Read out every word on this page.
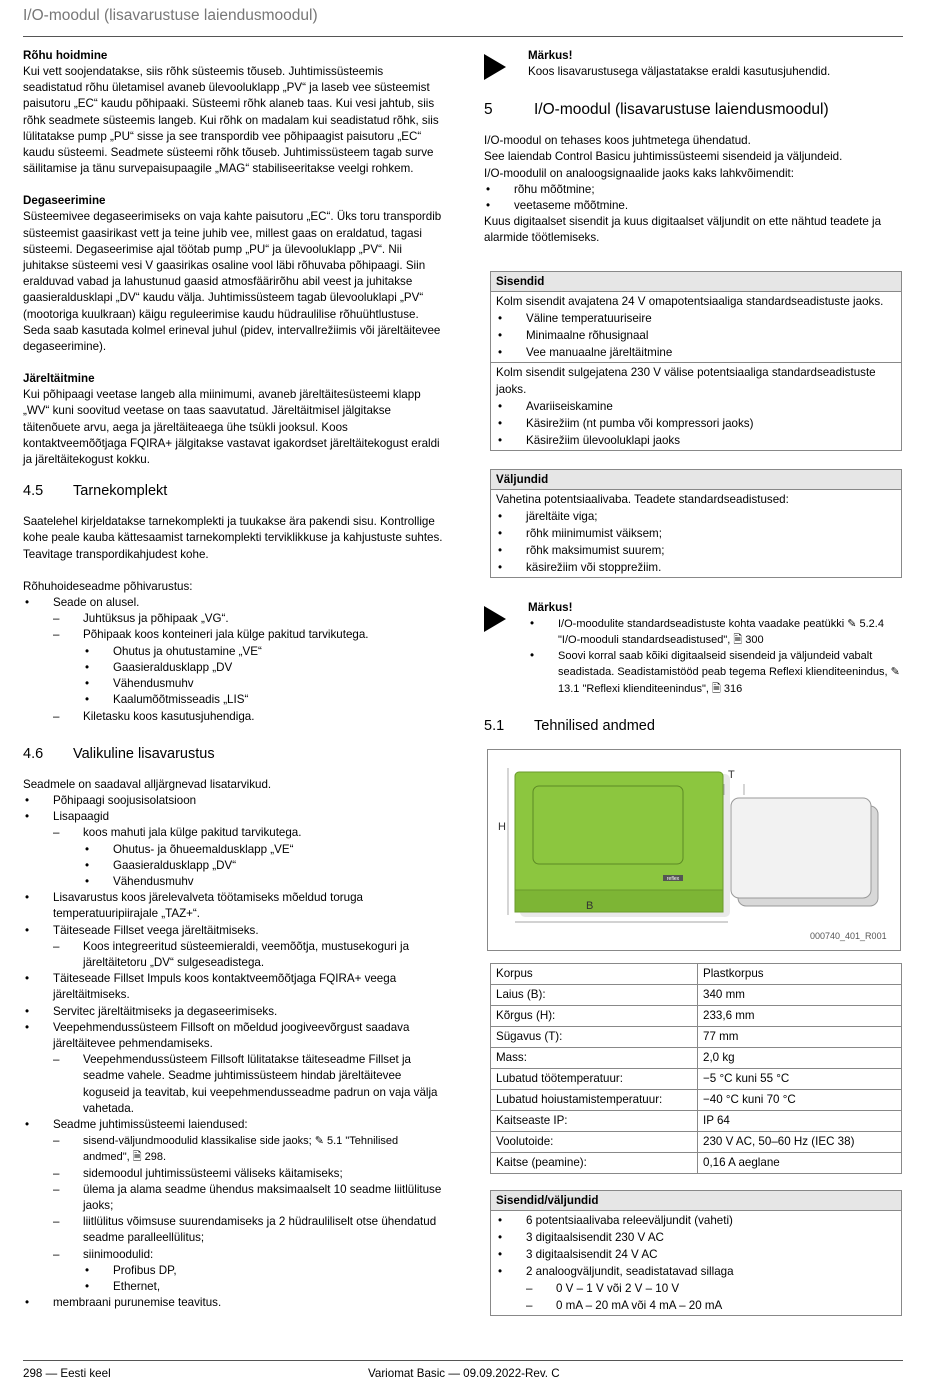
I/O-moodul (lisavarustuse laiendusmoodul)
Rõhu hoidmine

Kui vett soojendatakse, siis rõhk süsteemis tõuseb. Juhtimissüsteemis seadistatud rõhu ületamisel avaneb ülevooluklapp „PV“ ja laseb vee süsteemist paisutoru „EC“ kaudu põhipaaki. Süsteemi rõhk alaneb taas. Kui vesi jahtub, siis rõhk seadmete süsteemis langeb. Kui rõhk on madalam kui seadistatud rõhk, siis lülitatakse pump „PU“ sisse ja see transpordib vee põhipaagist paisutoru „EC“ kaudu süsteemi. Seadmete süsteemi rõhk tõuseb. Juhtimissüsteem tagab surve säilitamise ja tänu survepaisupaagile „MAG“ stabiliseeritakse veelgi rohkem.

Degaseerimine

Süsteemivee degaseerimiseks on vaja kahte paisutoru „EC“. Üks toru transpordib süsteemist gaasirikast vett ja teine juhib vee, millest gaas on eraldatud, tagasi süsteemi. Degaseerimise ajal töötab pump „PU“ ja ülevooluklapp „PV“. Nii juhitakse süsteemi vesi V gaasirikas osaline vool läbi rõhuvaba põhipaagi. Siin eralduvad vabad ja lahustunud gaasid atmosfäärirõhu abil veest ja juhitakse gaasieraldusklapi „DV“ kaudu välja. Juhtimissüsteem tagab ülevooluklapi „PV“ (mootoriga kuulkraan) käigu reguleerimise kaudu hüdraulilise rõhuühtlustuse. Seda saab kasutada kolmel erineval juhul (pidev, intervallrežiimis või järeltäitevee degaseerimine).

Järeltäitmine

Kui põhipaagi veetase langeb alla miinimumi, avaneb järeltäitesüsteemi klapp „WV“ kuni soovitud veetase on taas saavutatud. Järeltäitmisel jälgitakse täitenõuete arvu, aega ja järeltäiteaega ühe tsükli jooksul. Koos kontaktveemõõtjaga FQIRA+ jälgitakse vastavat igakordset järeltäitekogust eraldi ja järeltäitekogust kokku.

4.5	Tarnekomplekt

Saatelehel kirjeldatakse tarnekomplekti ja tuukakse ära pakendi sisu. Kontrollige kohe peale kauba kättesaamist tarnekomplekti terviklikkuse ja kahjustuste suhtes. Teavitage transpordikahjudest kohe.

Rõhuhoideseadme põhivarustus:

• Seade on alusel.
– Juhtüksus ja põhipaak „VG“.
– Põhipaak koos konteineri jala külge pakitud tarvikutega.
• Ohutus ja ohutustamine „VE“
• Gaasieraldusklapp „DV
• Vähendusmuhv
• Kaalumõõtmisseadis „LIS“
– Kiletasku koos kasutusjuhendiga.
4.6	Valikuline lisavarustus

Seadmele on saadaval alljärgnevad lisatarvikud.

• Põhipaagi soojusisolatsioon
• Lisapaagid
– koos mahuti jala külge pakitud tarvikutega.
• Ohutus- ja õhueemaldusklapp „VE“
• Gaasieraldusklapp „DV“
• Vähendusmuhv
• Lisavarustus koos järelevalveta töötamiseks mõeldud toruga temperatuuripiirajale „TAZ+“.
• Täiteseade Fillset veega järeltäitmiseks.
– Koos integreeritud süsteemieraldi, veemõõtja, mustusekoguri ja järeltäitetoru „DV“ sulgeseadistega.
• Täiteseade Fillset Impuls koos kontaktveemõõtjaga FQIRA+ veega järeltäitmiseks.
• Servitec järeltäitmiseks ja degaseerimiseks.
• Veepehmendussüsteem Fillsoft on mõeldud joogiveevõrgust saadava järeltäitevee pehmendamiseks.
– Veepehmendussüsteem Fillsoft lülitatakse täiteseadme Fillset ja seadme vahele. Seadme juhtimissüsteem hindab järeltäitevee koguseid ja teavitab, kui veepehmendusseadme padrun on vaja välja vahetada.
• Seadme juhtimissüsteemi laiendused:
– sisend-väljundmoodulid klassikalise side jaoks; ✎ 5.1 "Tehnilised andmed", 🗎 298.
– sidemoodul juhtimissüsteemi väliseks käitamiseks;
– ülema ja alama seadme ühendus maksimaalselt 10 seadme liitlülituse jaoks;
– liitlülitus võimsuse suurendamiseks ja 2 hüdrauliliselt otse ühendatud seadme paralleellülitus;
– siinimoodulid:
• Profibus DP,
• Ethernet,
• membraani purunemise teavitus.
Märkus!
Koos lisavarustusega väljastatakse eraldi kasutusjuhendid.
5	I/O-moodul (lisavarustuse laiendusmoodul)

I/O-moodul on tehases koos juhtmetega ühendatud.

See laiendab Control Basicu juhtimissüsteemi sisendeid ja väljundeid.

I/O-moodulil on analoogsignaalide jaoks kaks lahkvõimendit:

• rõhu mõõtmine;
• veetaseme mõõtmine.

Kuus digitaalset sisendit ja kuus digitaalset väljundit on ette nähtud teadete ja alarmide töötlemiseks.

Sisendid

Kolm sisendit avajatena 24 V omapotentsiaaliga standardseadistuste jaoks.
• Väline temperatuuriseire
• Minimaalne rõhusignaal
• Vee manuaalne järeltäitmine

Kolm sisendit sulgejatena 230 V välise potentsiaaliga standardseadistuste jaoks.
• Avariiseiskamine
• Käsirežiim (nt pumba või kompressori jaoks)
• Käsirežiim ülevooluklapi jaoks
Väljundid

Vahetina potentsiaalivaba. Teadete standardseadistused:
• järeltäite viga;
• rõhk miinimumist väiksem;
• rõhk maksimumist suurem;
• käsirežiim või stopprežiim.
Märkus!
• I/O-moodulite standardseadistuste kohta vaadake peatükki ✎ 5.2.4 "I/O-mooduli standardseadistused", 🗎 300
• Soovi korral saab kõiki digitaalseid sisendeid ja väljundeid vabalt seadistada. Seadistamistööd peab tegema Reflexi klienditeenindus, ✎ 13.1 "Reflexi klienditeenindus", 🗎 316
5.1	Tehnilised andmed
reflex
H
B
T
000740_401_R001
Korpus	Plastkorpus
Laius (B):	340 mm
Kõrgus (H):	233,6 mm
Sügavus (T):	77 mm
Mass:	2,0 kg
Lubatud töötemperatuur:	−5 °C kuni 55 °C
Lubatud hoiustamistemperatuur:	−40 °C kuni 70 °C
Kaitseaste IP:	IP 64
Voolutoide:	230 V AC, 50–60 Hz (IEC 38)
Kaitse (peamine):	0,16 A aeglane
Sisendid/väljundid

• 6 potentsiaalivaba releeväljundit (vaheti)
• 3 digitaalsisendit 230 V AC
• 3 digitaalsisendit 24 V AC
• 2 analoogväljundit, seadistatavad sillaga
– 0 V – 1 V või 2 V – 10 V
– 0 mA – 20 mA või 4 mA – 20 mA
298 — Eesti keel	Variomat Basic — 09.09.2022-Rev. C
